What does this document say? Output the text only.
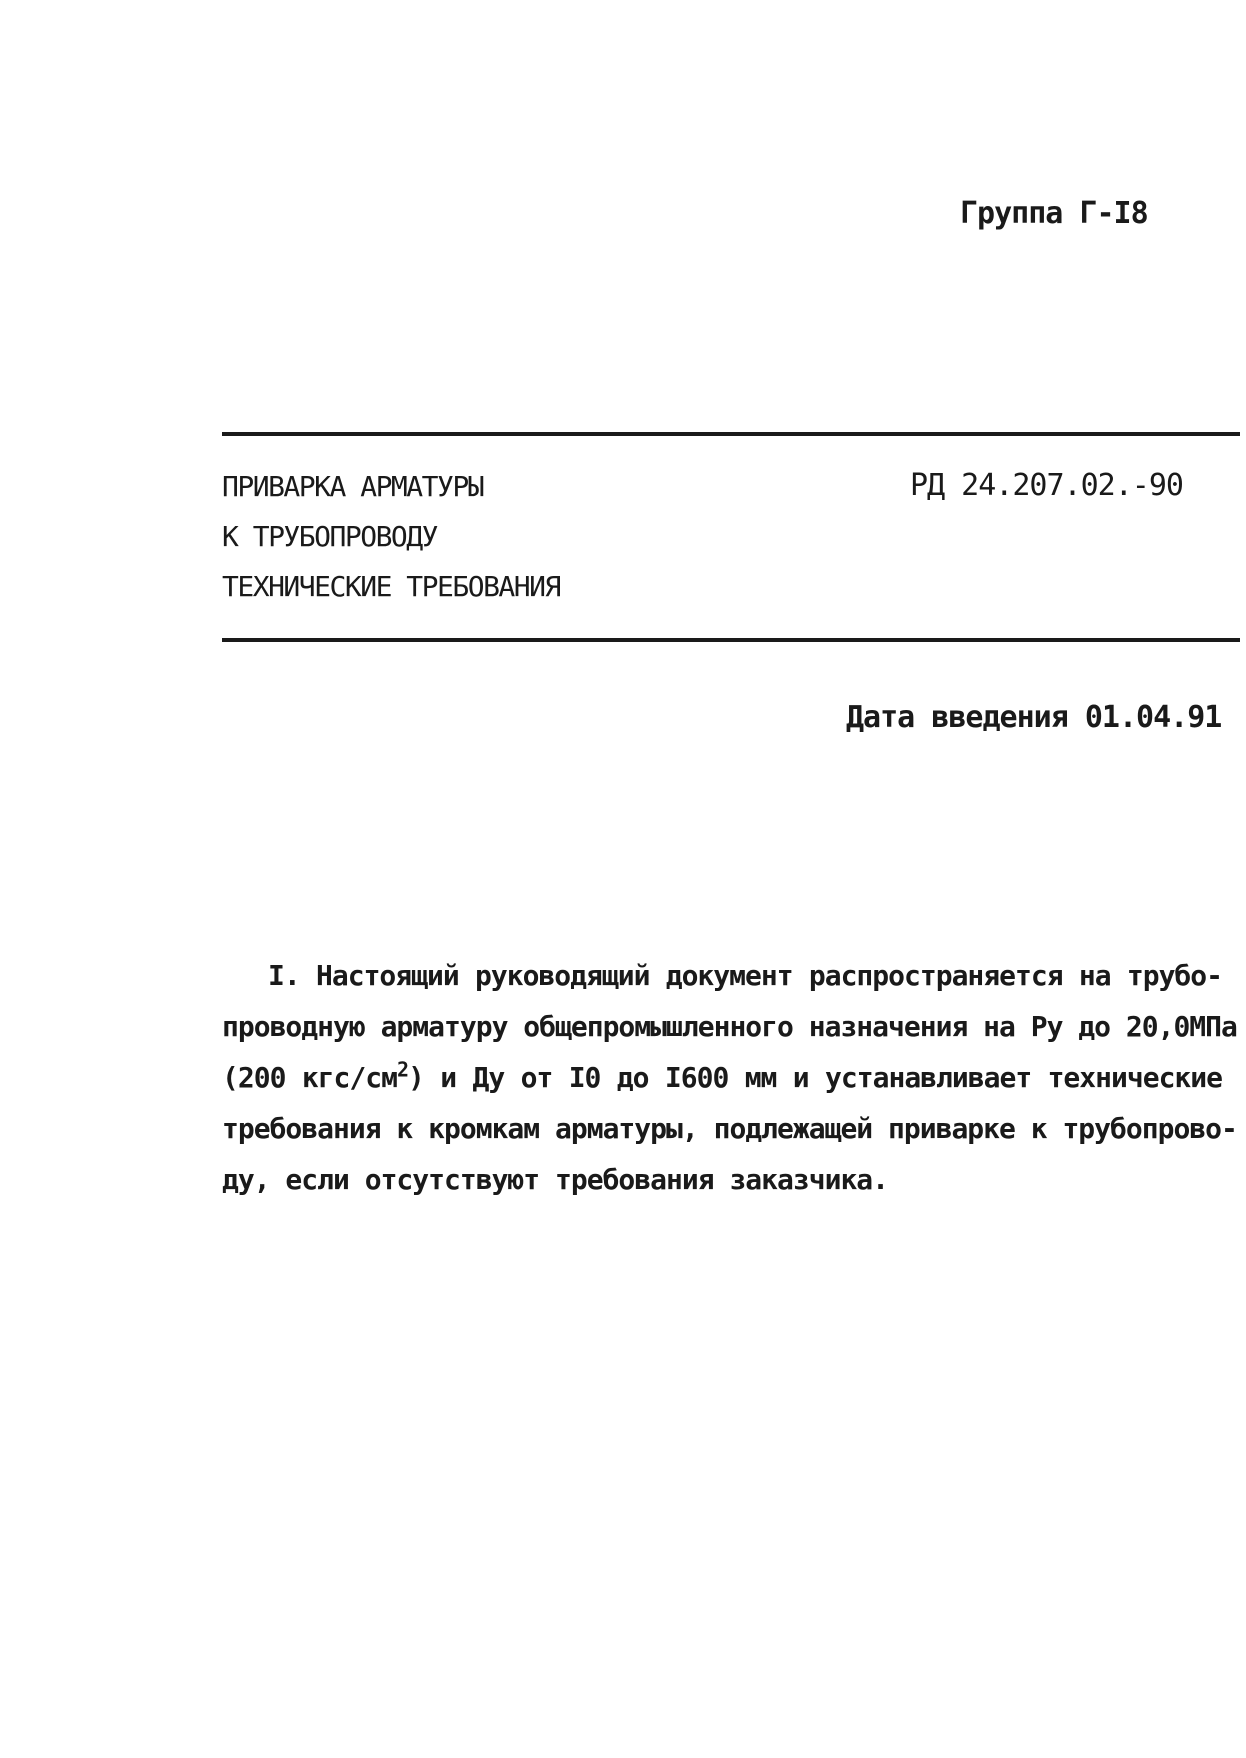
Группа Г-I8
ПРИВАРКА АРМАТУРЫ
К ТРУБОПРОВОДУ
ТЕХНИЧЕСКИЕ ТРЕБОВАНИЯ
РД 24.207.02.-90
Дата введения 01.04.91
I. Настоящий руководящий документ распространяется на трубо-
проводную арматуру общепромышленного назначения на Ру до 20,0МПа
(200 кгс/$см^2$) и Ду от I0 до I600 мм и устанавливает технические
требования к кромкам арматуры, подлежащей приварке к трубопрово-
ду, если отсутствуют требования заказчика.
